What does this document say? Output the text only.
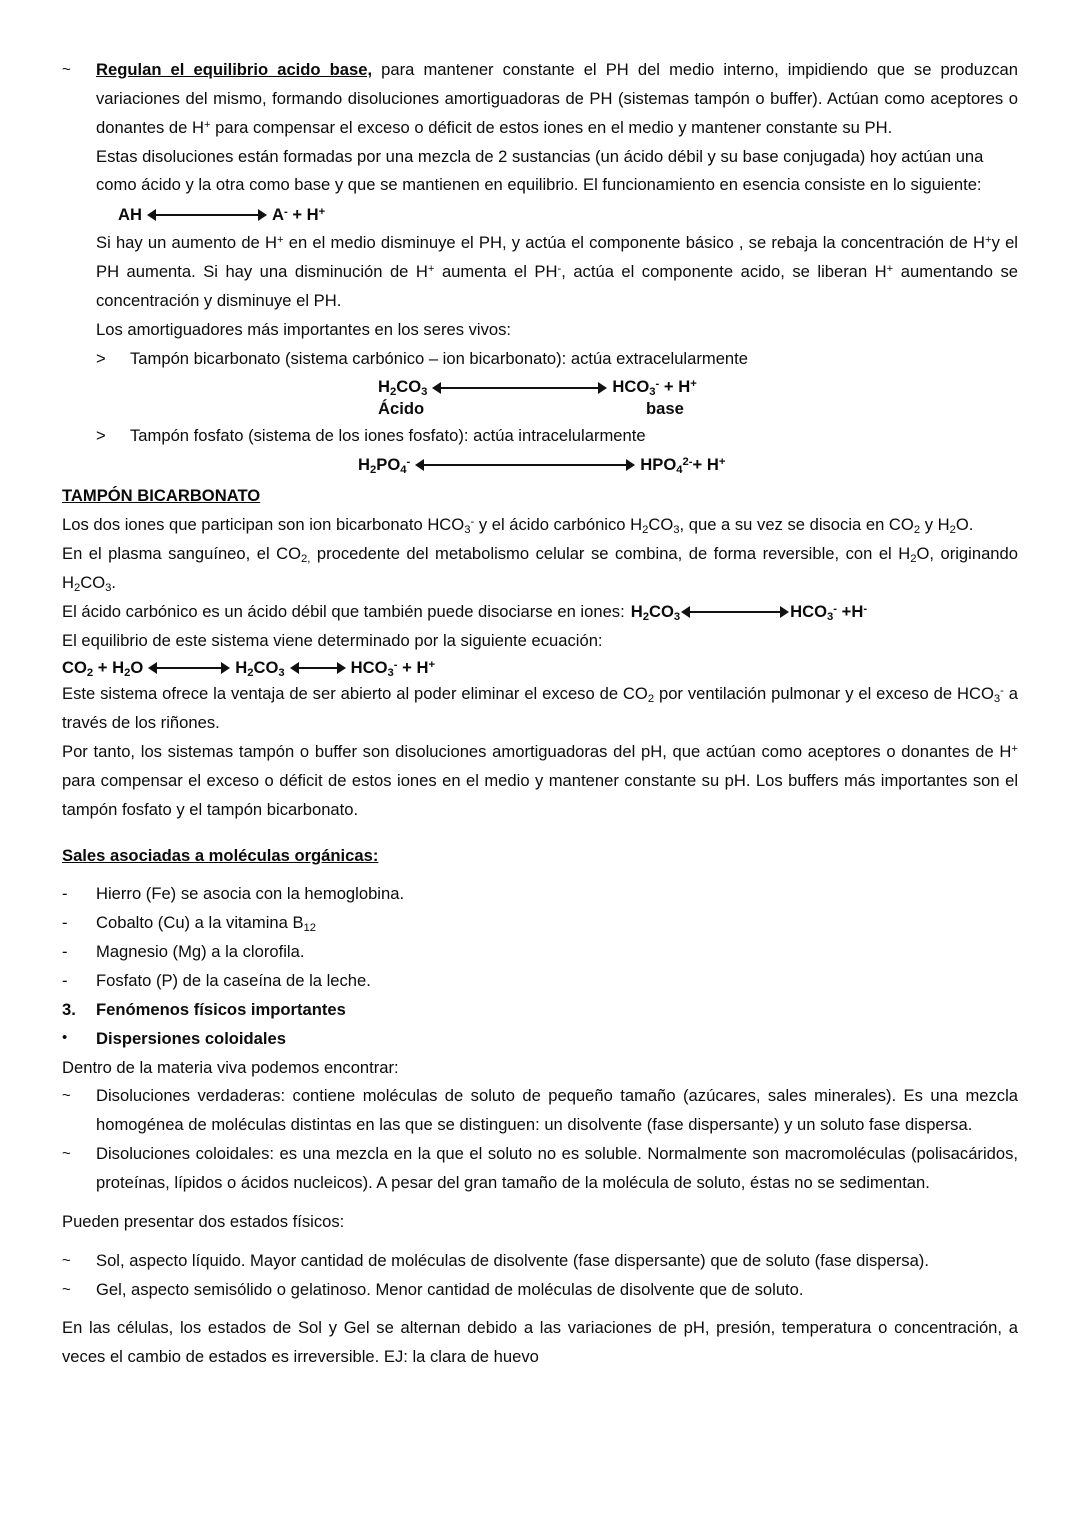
~	Regulan el equilibrio acido base, para mantener constante el PH del medio interno, impidiendo que se produzcan variaciones del mismo, formando disoluciones amortiguadoras de PH (sistemas tampón o buffer). Actúan como aceptores o donantes de H+ para compensar el exceso o déficit de estos iones en el medio y mantener constante su PH.
Estas disoluciones están formadas por una mezcla de 2 sustancias (un ácido débil y su base conjugada) hoy actúan una como ácido y la otra como base y que se mantienen en equilibrio. El funcionamiento en esencia consiste en lo siguiente:
AH	A- + H+
Si hay un aumento de H+ en el medio disminuye el PH, y actúa el componente básico , se rebaja la concentración de H+y el PH aumenta. Si hay una disminución de H+ aumenta el PH-, actúa el componente acido, se liberan H+ aumentando se concentración y disminuye el PH.
Los amortiguadores más importantes en los seres vivos:
>	Tampón bicarbonato (sistema carbónico – ion bicarbonato): actúa extracelularmente
$H_2CO_3$	$HCO_3^- + H^+$
Ácido	base
>	Tampón fosfato (sistema de los iones fosfato): actúa intracelularmente
$H_2PO_4^-$	$HPO_4^{2-}+ H^+$

TAMPÓN BICARBONATO

Los dos iones que participan son ion bicarbonato $HCO_3^-$ y el ácido carbónico $H_2CO_3$, que a su vez se disocia en $CO_2$ y $H_2O$.

En el plasma sanguíneo, el $CO_{2,}$ procedente del metabolismo celular se combina, de forma reversible, con el $H_2O$, originando $H_2CO_3$.

El ácido carbónico es un ácido débil que también puede disociarse en iones: $H_2CO_3$	$HCO_3^- +H^-$

El equilibrio de este sistema viene determinado por la siguiente ecuación:

$CO_2 + H_2O$	$H_2CO_3$	$HCO_3^- + H^+$

Este sistema ofrece la ventaja de ser abierto al poder eliminar el exceso de $CO_2$ por ventilación pulmonar y el exceso de $HCO_3^-$ a través de los riñones.

Por tanto, los sistemas tampón o buffer son disoluciones amortiguadoras del pH, que actúan como aceptores o donantes de H+ para compensar el exceso o déficit de estos iones en el medio y mantener constante su pH. Los buffers más importantes son el tampón fosfato y el tampón bicarbonato.

Sales asociadas a moléculas orgánicas:

-	Hierro (Fe) se asocia con la hemoglobina.
-	Cobalto (Cu) a la vitamina $B_{12}$
-	Magnesio (Mg) a la clorofila.
-	Fosfato (P) de la caseína de la leche.
3.	Fenómenos físicos importantes
•	Dispersiones coloidales

Dentro de la materia viva podemos encontrar:

~	Disoluciones verdaderas: contiene moléculas de soluto de pequeño tamaño (azúcares, sales minerales). Es una mezcla homogénea de moléculas distintas en las que se distinguen: un disolvente (fase dispersante) y un soluto fase dispersa.
~	Disoluciones coloidales: es una mezcla en la que el soluto no es soluble. Normalmente son macromoléculas (polisacáridos, proteínas, lípidos o ácidos nucleicos). A pesar del gran tamaño de la molécula de soluto, éstas no se sedimentan.

Pueden presentar dos estados físicos:

~	Sol, aspecto líquido. Mayor cantidad de moléculas de disolvente (fase dispersante) que de soluto (fase dispersa).
~	Gel, aspecto semisólido o gelatinoso. Menor cantidad de moléculas de disolvente que de soluto.

En las células, los estados de Sol y Gel se alternan debido a las variaciones de pH, presión, temperatura o concentración, a veces el cambio de estados es irreversible. EJ: la clara de huevo
